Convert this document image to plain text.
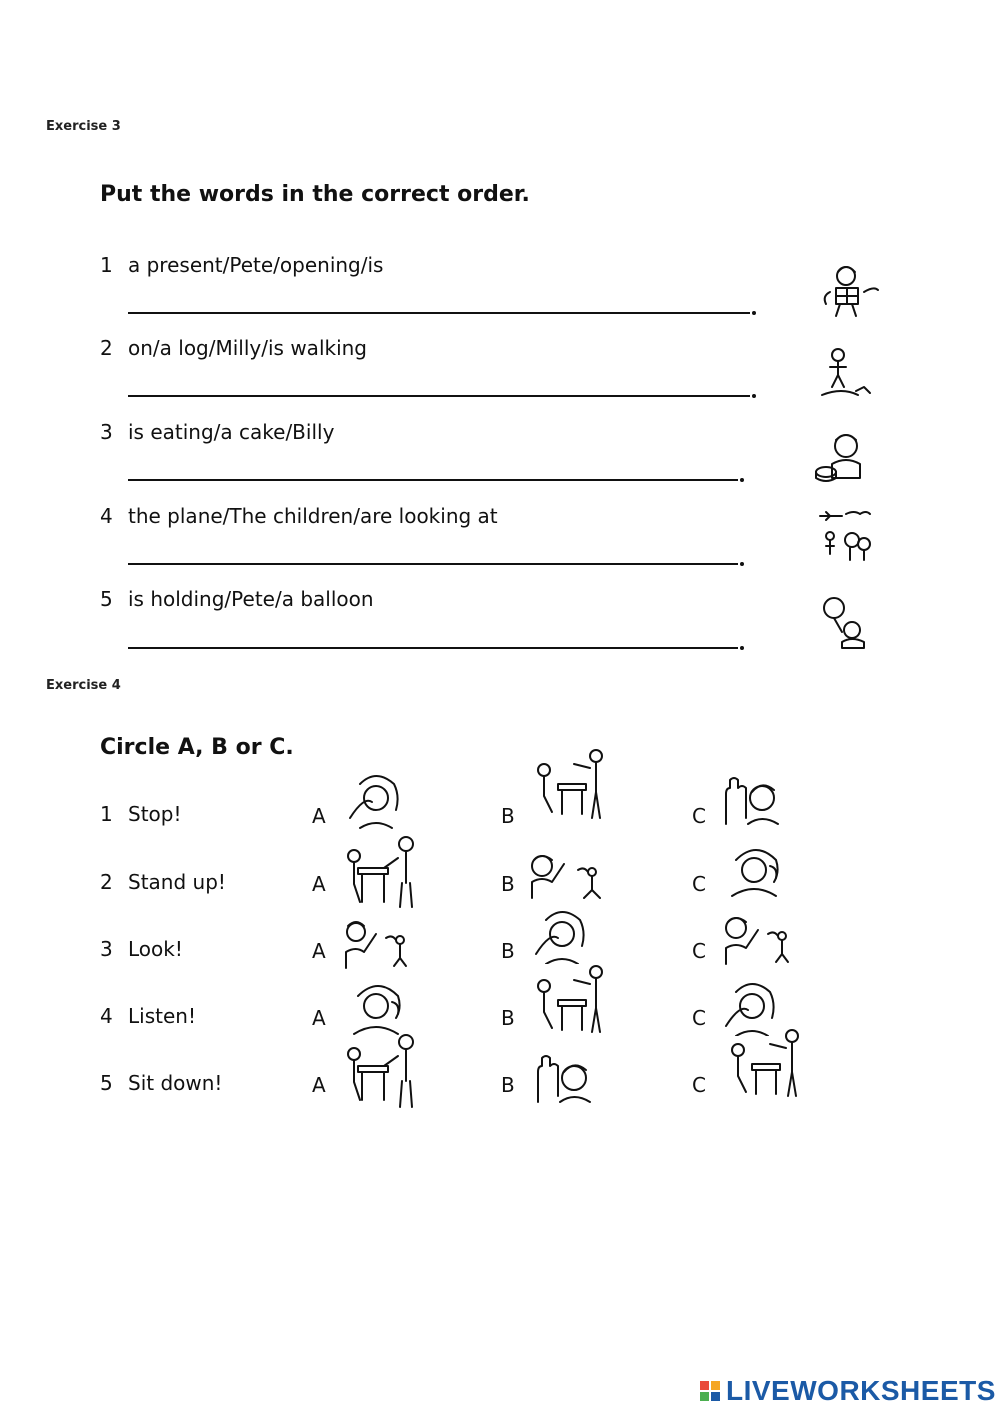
Exercise 3
Put the words in the correct order.
1 a present/Pete/opening/is
2 on/a log/Milly/is walking
3 is eating/a cake/Billy
4 the plane/The children/are looking at
5 is holding/Pete/a balloon
Exercise 4
Circle A, B or C.
1 Stop!	A	B	C
2 Stand up!	A	B	C
3 Look!	A	B	C
4 Listen!	A	B	C
5 Sit down!	A	B	C
LIVEWORKSHEETS
